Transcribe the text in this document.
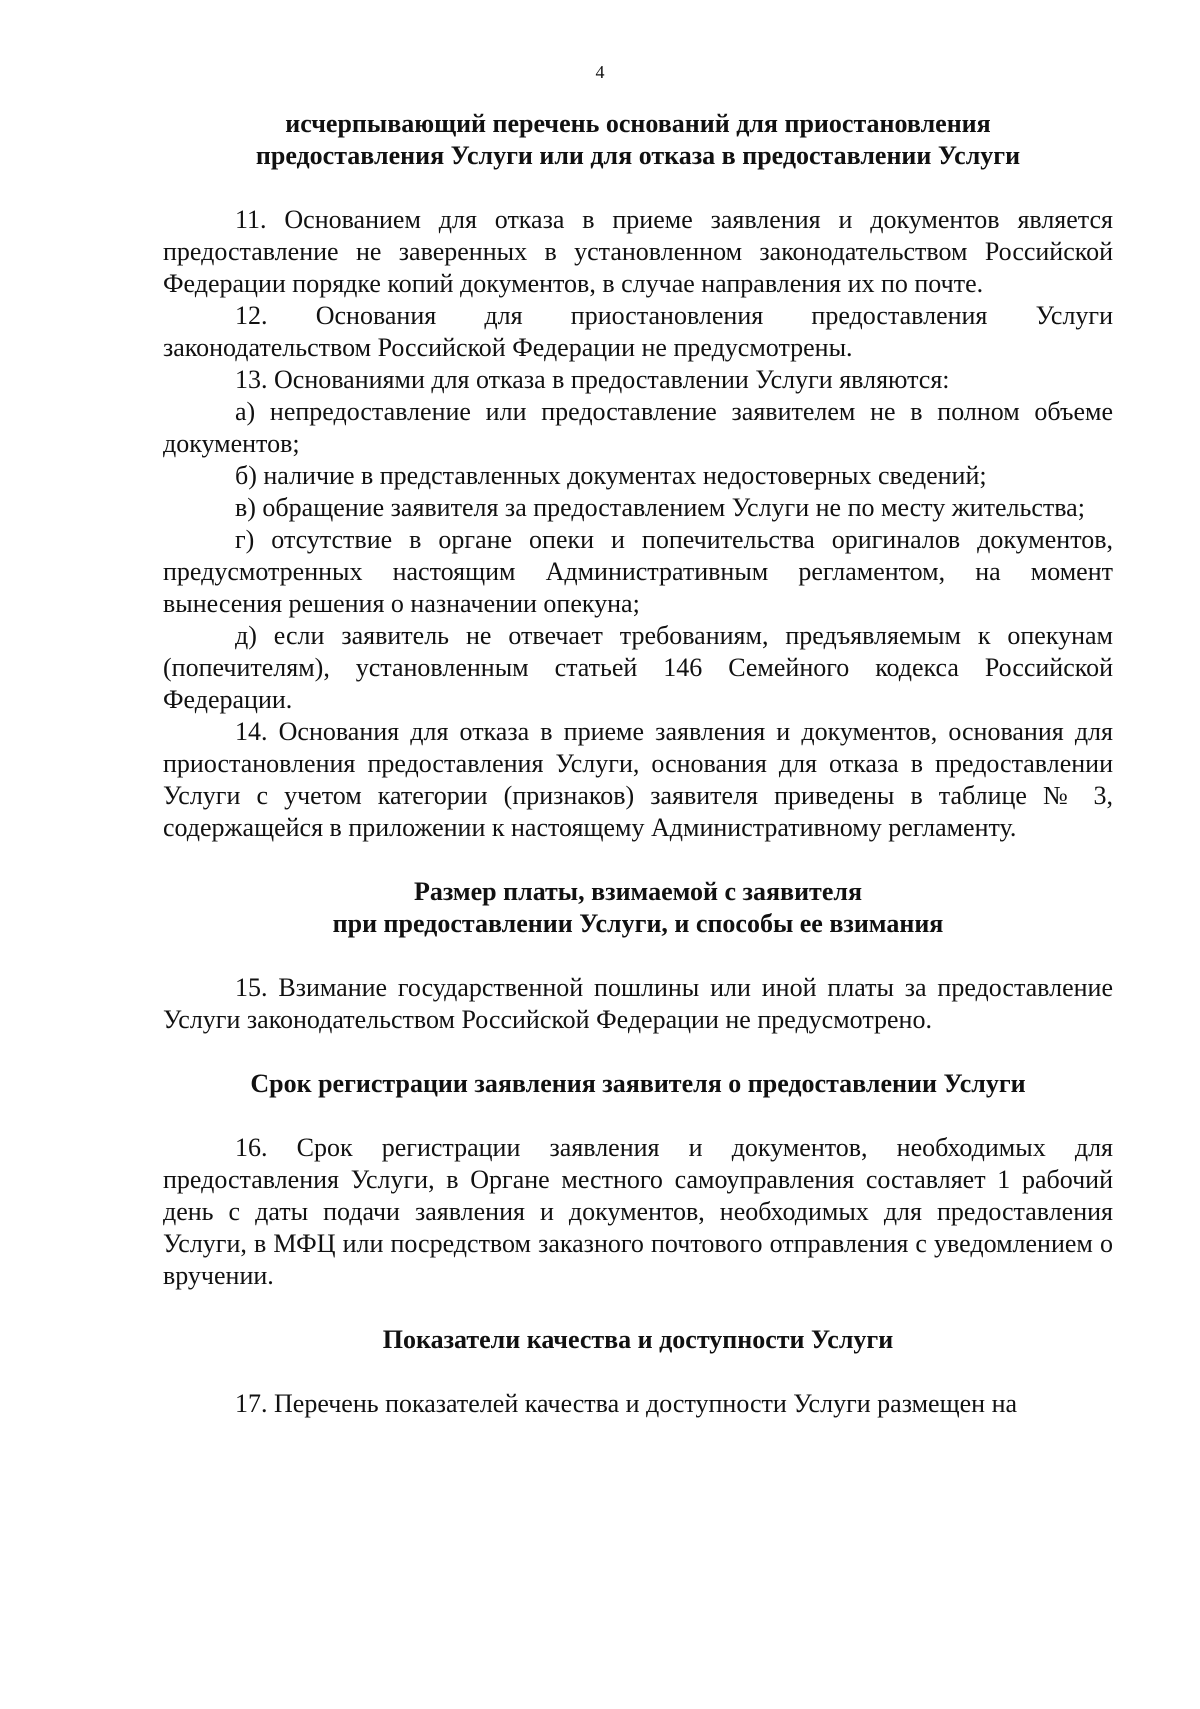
4

исчерпывающий перечень оснований для приостановления
предоставления Услуги или для отказа в предоставлении Услуги

11. Основанием для отказа в приеме заявления и документов является предоставление не заверенных в установленном законодательством Российской Федерации порядке копий документов, в случае направления их по почте.

12. Основания для приостановления предоставления Услуги законодательством Российской Федерации не предусмотрены.

13. Основаниями для отказа в предоставлении Услуги являются:

а) непредоставление или предоставление заявителем не в полном объеме документов;

б) наличие в представленных документах недостоверных сведений;

в) обращение заявителя за предоставлением Услуги не по месту жительства;

г) отсутствие в органе опеки и попечительства оригиналов документов, предусмотренных настоящим Административным регламентом, на момент вынесения решения о назначении опекуна;

д) если заявитель не отвечает требованиям, предъявляемым к опекунам (попечителям), установленным статьей 146 Семейного кодекса Российской Федерации.

14. Основания для отказа в приеме заявления и документов, основания для приостановления предоставления Услуги, основания для отказа в предоставлении Услуги с учетом категории (признаков) заявителя приведены в таблице № 3, содержащейся в приложении к настоящему Административному регламенту.

Размер платы, взимаемой с заявителя
при предоставлении Услуги, и способы ее взимания

15. Взимание государственной пошлины или иной платы за предоставление Услуги законодательством Российской Федерации не предусмотрено.

Срок регистрации заявления заявителя о предоставлении Услуги

16. Срок регистрации заявления и документов, необходимых для предоставления Услуги, в Органе местного самоуправления составляет 1 рабочий день с даты подачи заявления и документов, необходимых для предоставления Услуги, в МФЦ или посредством заказного почтового отправления с уведомлением о вручении.

Показатели качества и доступности Услуги

17. Перечень показателей качества и доступности Услуги размещен на
